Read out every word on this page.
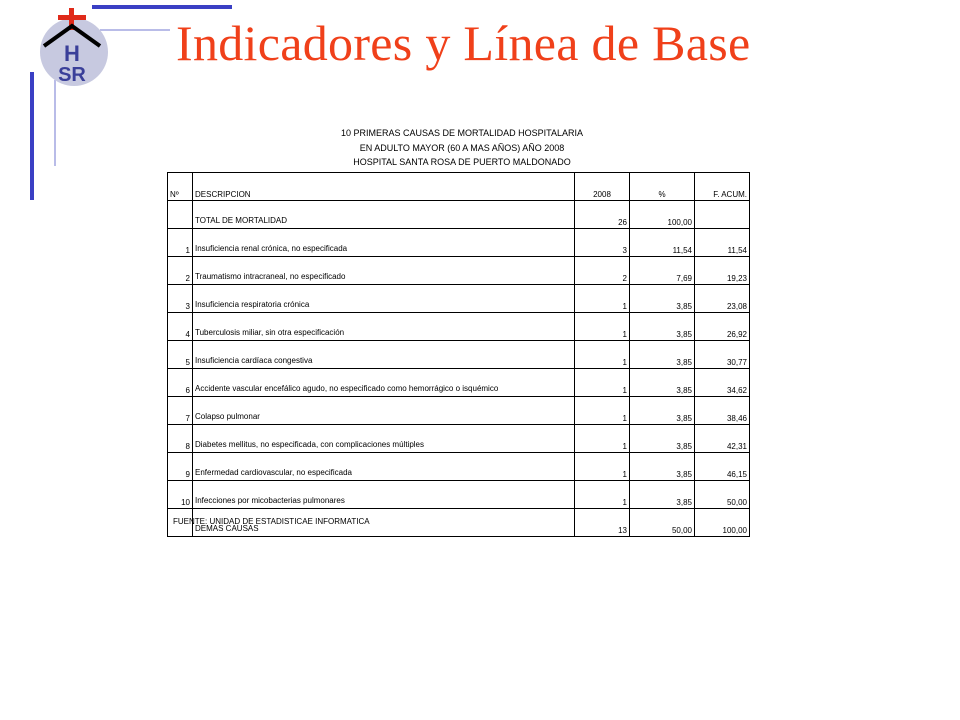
H
SR
Indicadores y Línea de Base
10 PRIMERAS CAUSAS DE MORTALIDAD HOSPITALARIA
EN ADULTO MAYOR (60 A MAS AÑOS) AÑO 2008
HOSPITAL SANTA ROSA DE PUERTO MALDONADO
Nº	DESCRIPCION	2008	%	F. ACUM.
	TOTAL DE MORTALIDAD	26	100,00	
1	Insuficiencia renal crónica, no especificada	3	11,54	11,54
2	Traumatismo intracraneal, no especificado	2	7,69	19,23
3	Insuficiencia respiratoria crónica	1	3,85	23,08
4	Tuberculosis miliar, sin otra especificación	1	3,85	26,92
5	Insuficiencia cardíaca congestiva	1	3,85	30,77
6	Accidente vascular encefálico agudo, no especificado como hemorrágico o isquémico	1	3,85	34,62
7	Colapso pulmonar	1	3,85	38,46
8	Diabetes mellitus, no especificada, con complicaciones múltiples	1	3,85	42,31
9	Enfermedad cardiovascular, no especificada	1	3,85	46,15
10	Infecciones por micobacterias pulmonares	1	3,85	50,00
	DEMAS CAUSAS	13	50,00	100,00
FUENTE: UNIDAD DE ESTADISTICAE INFORMATICA
